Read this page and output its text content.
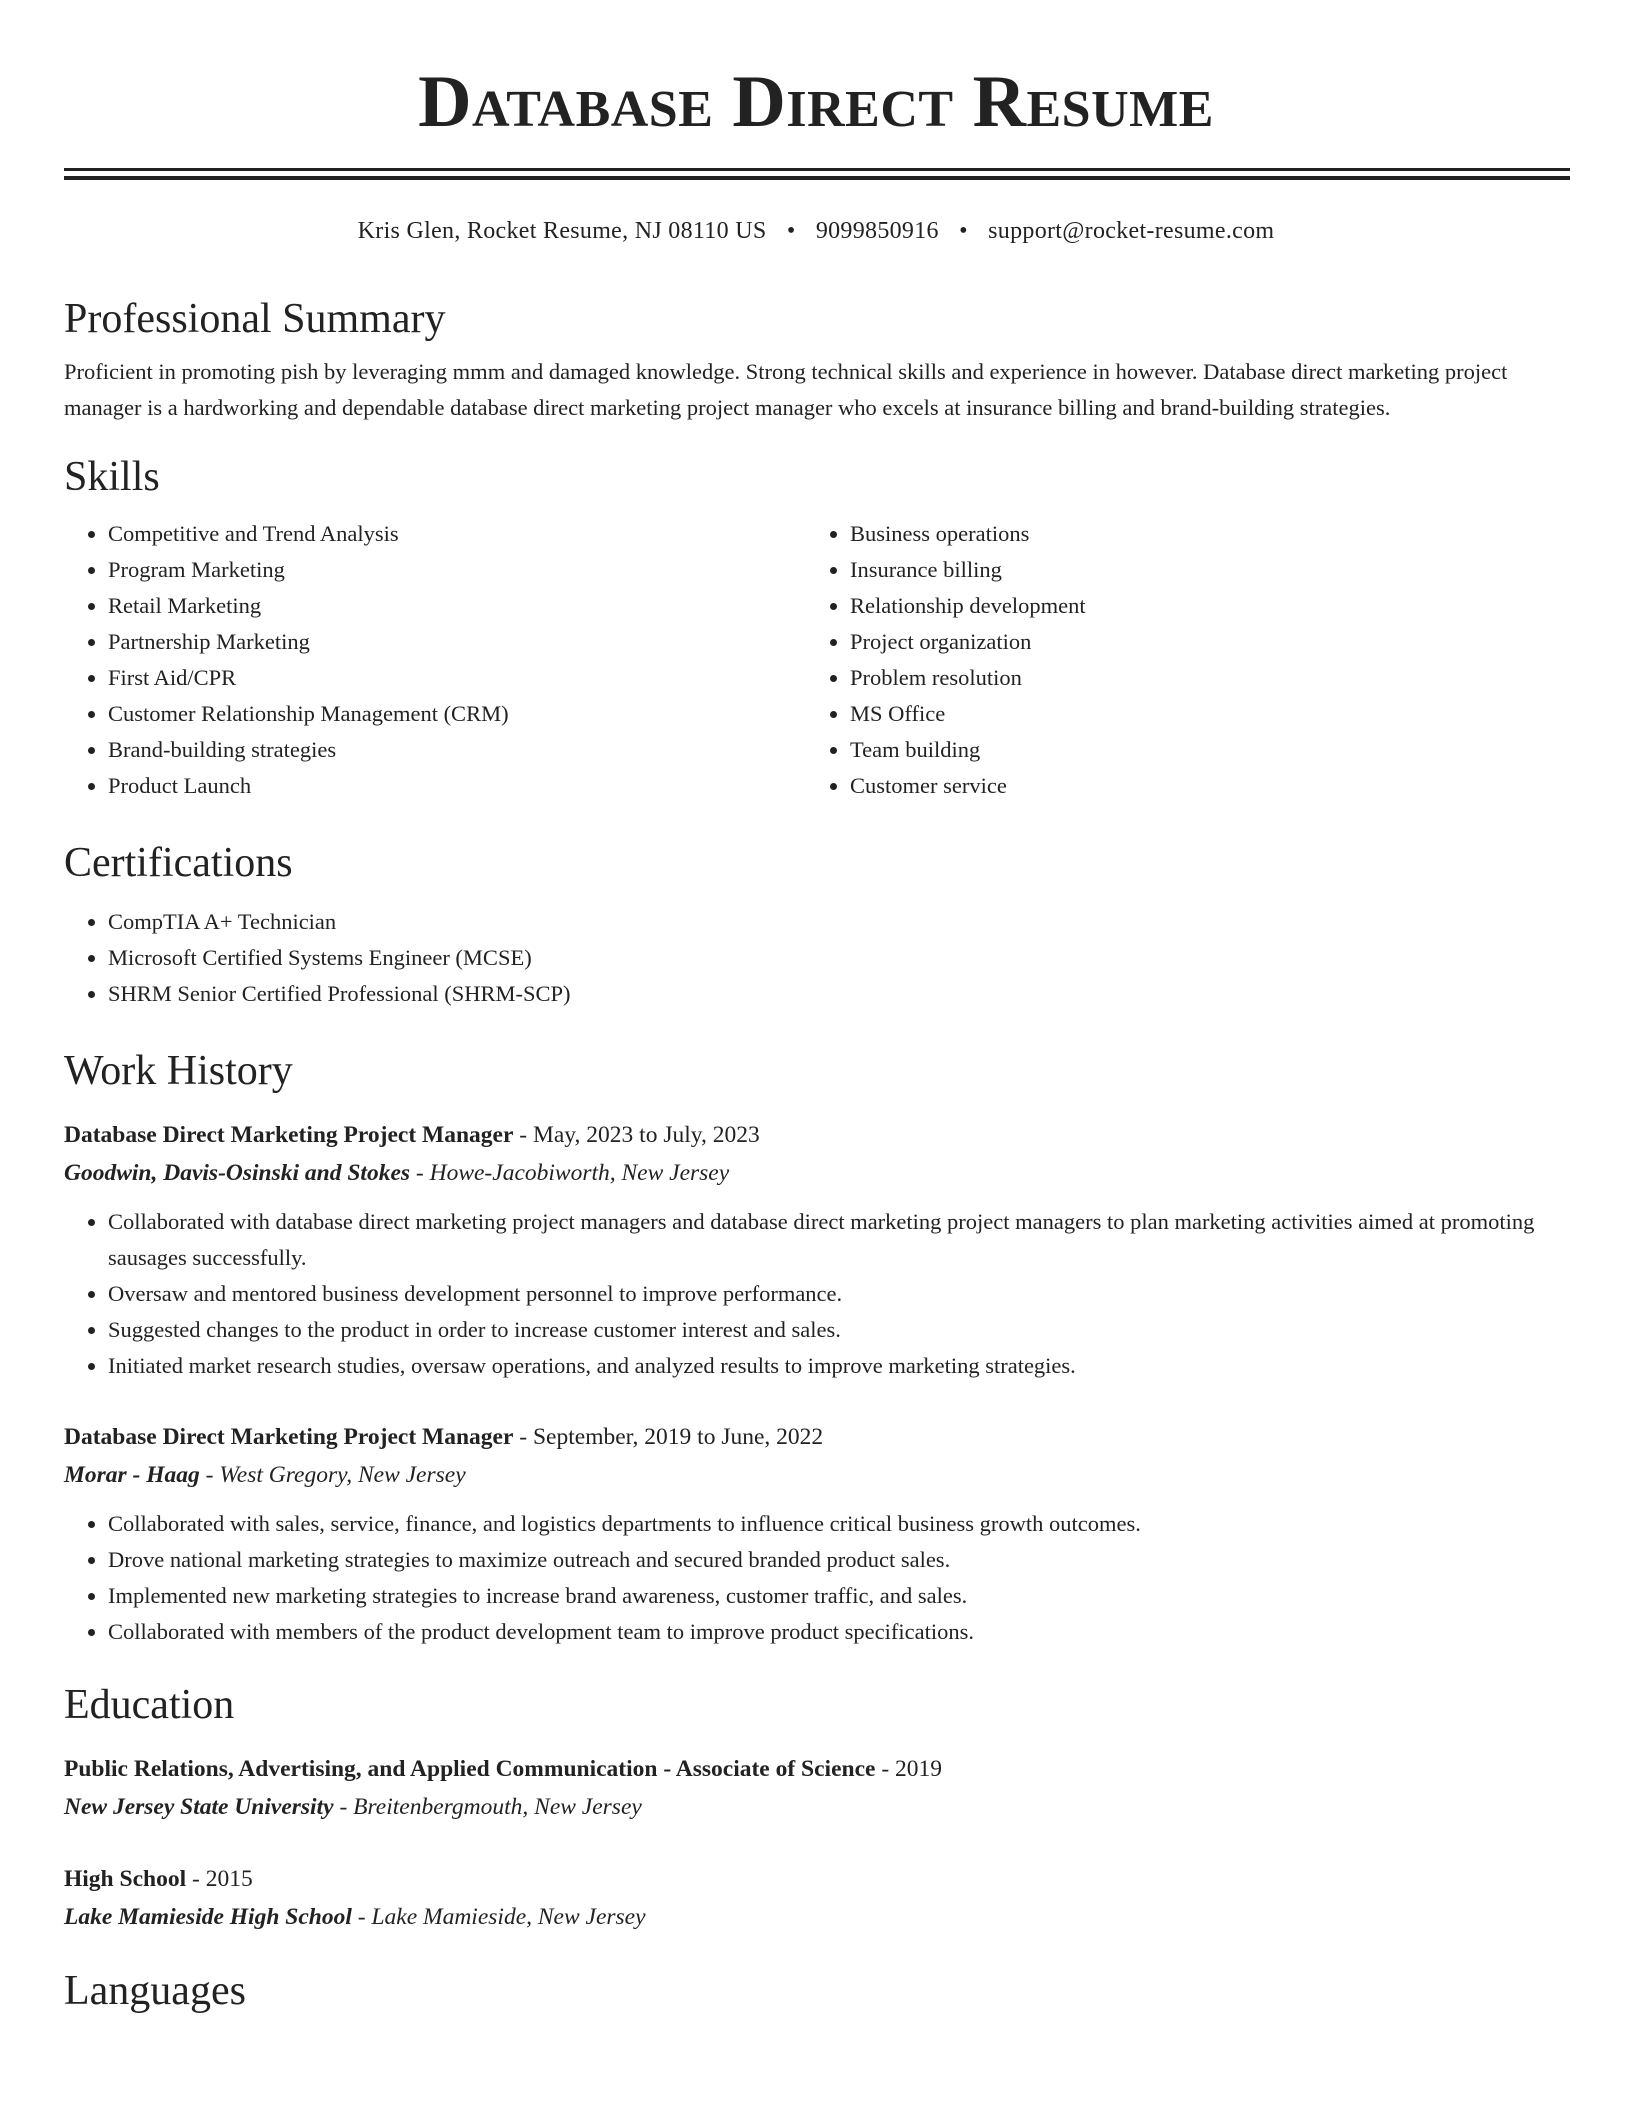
Database Direct Resume
Kris Glen, Rocket Resume, NJ 08110 US • 9099850916 • support@rocket-resume.com
Professional Summary

Proficient in promoting pish by leveraging mmm and damaged knowledge. Strong technical skills and experience in however. Database direct marketing project manager is a hardworking and dependable database direct marketing project manager who excels at insurance billing and brand-building strategies.

Skills
• Competitive and Trend Analysis
• Program Marketing
• Retail Marketing
• Partnership Marketing
• First Aid/CPR
• Customer Relationship Management (CRM)
• Brand-building strategies
• Product Launch
• Business operations
• Insurance billing
• Relationship development
• Project organization
• Problem resolution
• MS Office
• Team building
• Customer service
Certifications
• CompTIA A+ Technician
• Microsoft Certified Systems Engineer (MCSE)
• SHRM Senior Certified Professional (SHRM-SCP)
Work History
Database Direct Marketing Project Manager - May, 2023 to July, 2023
Goodwin, Davis-Osinski and Stokes - Howe-Jacobiworth, New Jersey
• Collaborated with database direct marketing project managers and database direct marketing project managers to plan marketing activities aimed at promoting sausages successfully.
• Oversaw and mentored business development personnel to improve performance.
• Suggested changes to the product in order to increase customer interest and sales.
• Initiated market research studies, oversaw operations, and analyzed results to improve marketing strategies.
Database Direct Marketing Project Manager - September, 2019 to June, 2022
Morar - Haag - West Gregory, New Jersey
• Collaborated with sales, service, finance, and logistics departments to influence critical business growth outcomes.
• Drove national marketing strategies to maximize outreach and secured branded product sales.
• Implemented new marketing strategies to increase brand awareness, customer traffic, and sales.
• Collaborated with members of the product development team to improve product specifications.
Education
Public Relations, Advertising, and Applied Communication - Associate of Science - 2019
New Jersey State University - Breitenbergmouth, New Jersey
High School - 2015
Lake Mamieside High School - Lake Mamieside, New Jersey
Languages
